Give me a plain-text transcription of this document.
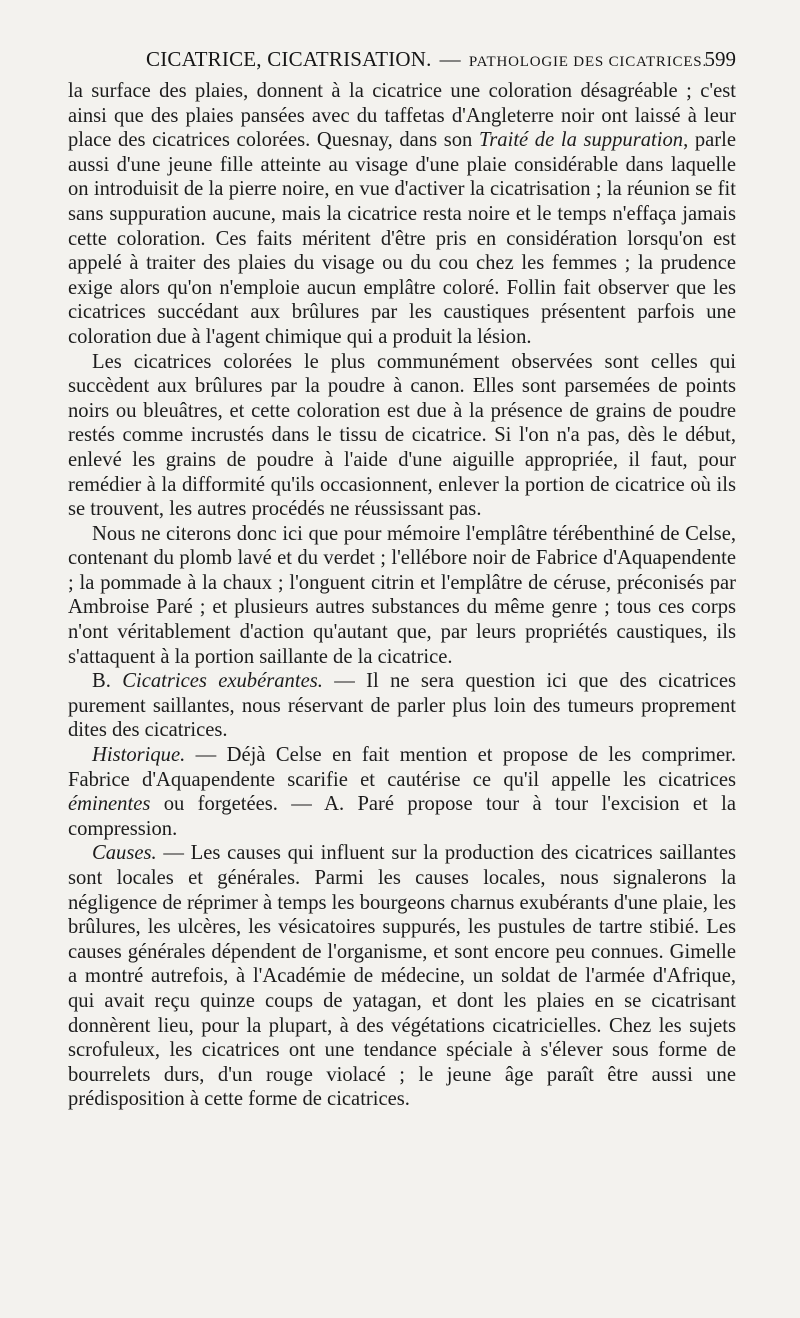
CICATRICE, CICATRISATION. — PATHOLOGIE DES CICATRICES.
599

la surface des plaies, donnent à la cicatrice une coloration désagréable ; c'est ainsi que des plaies pansées avec du taffetas d'Angleterre noir ont laissé à leur place des cicatrices colorées. Quesnay, dans son Traité de la suppuration, parle aussi d'une jeune fille atteinte au visage d'une plaie considérable dans laquelle on introduisit de la pierre noire, en vue d'activer la cicatrisation ; la réunion se fit sans suppuration aucune, mais la cicatrice resta noire et le temps n'effaça jamais cette coloration. Ces faits méritent d'être pris en considération lorsqu'on est appelé à traiter des plaies du visage ou du cou chez les femmes ; la prudence exige alors qu'on n'emploie aucun emplâtre coloré. Follin fait observer que les cicatrices succédant aux brûlures par les caustiques présentent parfois une coloration due à l'agent chimique qui a produit la lésion.

Les cicatrices colorées le plus communément observées sont celles qui succèdent aux brûlures par la poudre à canon. Elles sont parsemées de points noirs ou bleuâtres, et cette coloration est due à la présence de grains de poudre restés comme incrustés dans le tissu de cicatrice. Si l'on n'a pas, dès le début, enlevé les grains de poudre à l'aide d'une aiguille appropriée, il faut, pour remédier à la difformité qu'ils occasionnent, enlever la portion de cicatrice où ils se trouvent, les autres procédés ne réussissant pas.

Nous ne citerons donc ici que pour mémoire l'emplâtre térébenthiné de Celse, contenant du plomb lavé et du verdet ; l'ellébore noir de Fabrice d'Aquapendente ; la pommade à la chaux ; l'onguent citrin et l'emplâtre de céruse, préconisés par Ambroise Paré ; et plusieurs autres substances du même genre ; tous ces corps n'ont véritablement d'action qu'autant que, par leurs propriétés caustiques, ils s'attaquent à la portion saillante de la cicatrice.

B. Cicatrices exubérantes. — Il ne sera question ici que des cicatrices purement saillantes, nous réservant de parler plus loin des tumeurs proprement dites des cicatrices.

Historique. — Déjà Celse en fait mention et propose de les comprimer. Fabrice d'Aquapendente scarifie et cautérise ce qu'il appelle les cicatrices éminentes ou forgetées. — A. Paré propose tour à tour l'excision et la compression.

Causes. — Les causes qui influent sur la production des cicatrices saillantes sont locales et générales. Parmi les causes locales, nous signalerons la négligence de réprimer à temps les bourgeons charnus exubérants d'une plaie, les brûlures, les ulcères, les vésicatoires suppurés, les pustules de tartre stibié. Les causes générales dépendent de l'organisme, et sont encore peu connues. Gimelle a montré autrefois, à l'Académie de médecine, un soldat de l'armée d'Afrique, qui avait reçu quinze coups de yatagan, et dont les plaies en se cicatrisant donnèrent lieu, pour la plupart, à des végétations cicatricielles. Chez les sujets scrofuleux, les cicatrices ont une tendance spéciale à s'élever sous forme de bourrelets durs, d'un rouge violacé ; le jeune âge paraît être aussi une prédisposition à cette forme de cicatrices.
